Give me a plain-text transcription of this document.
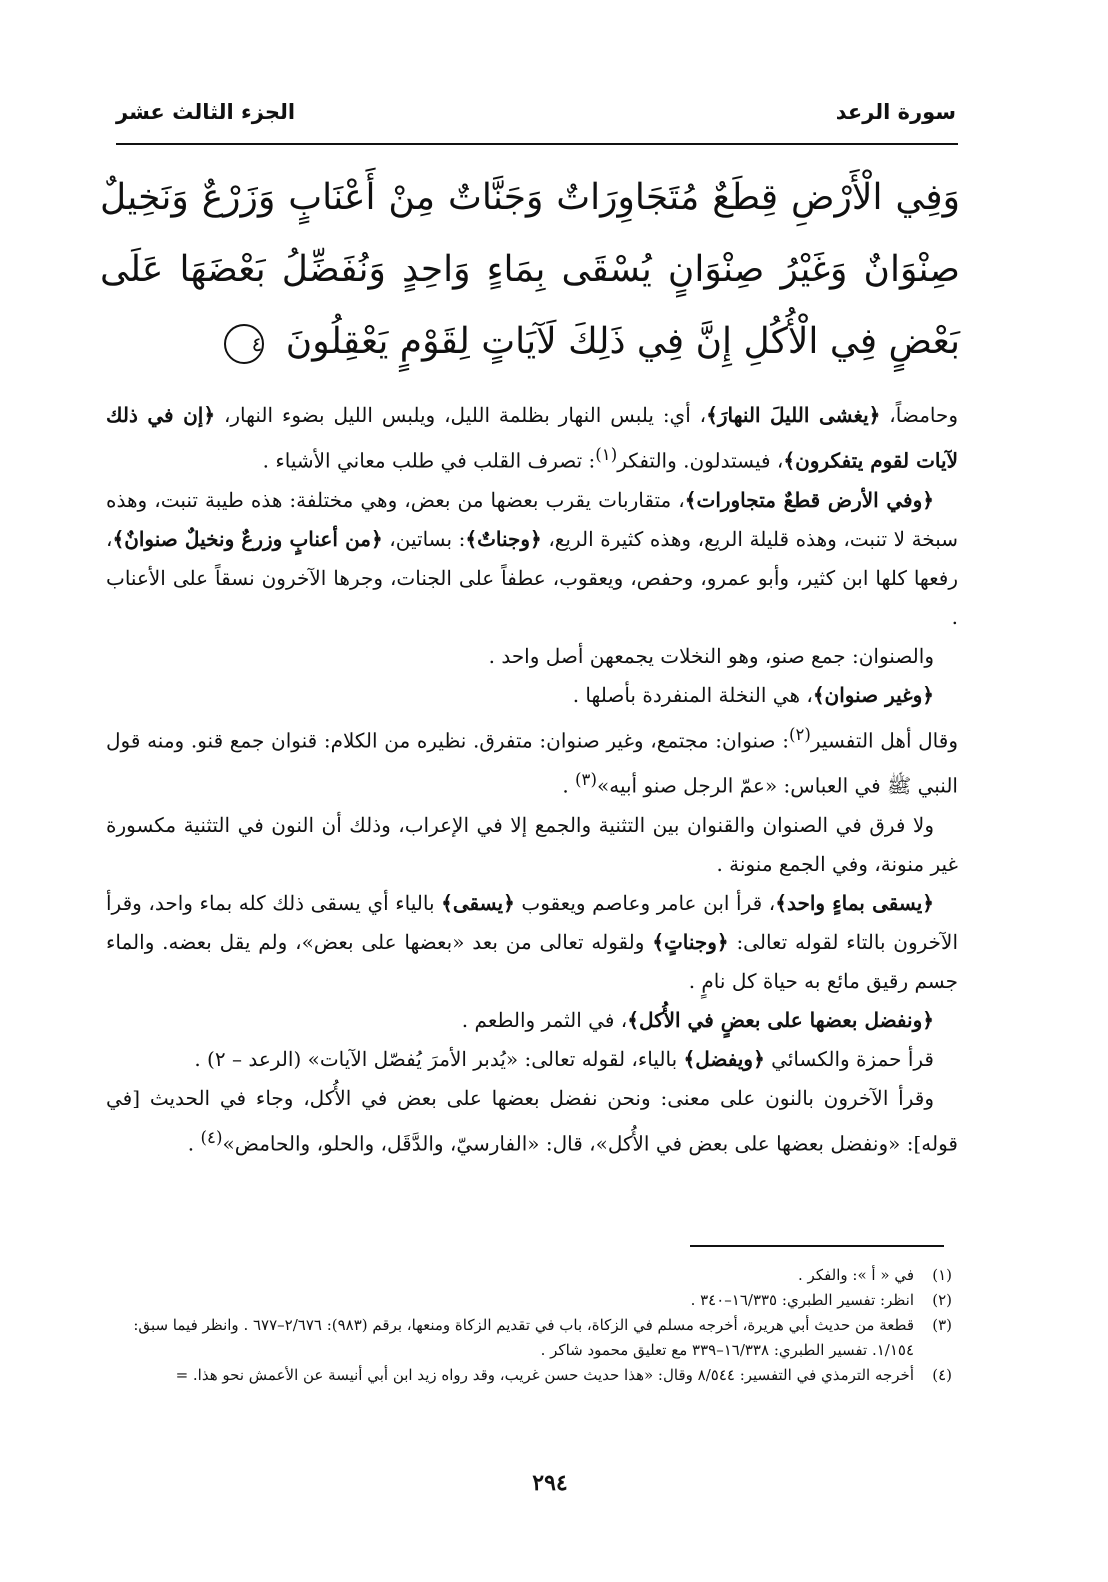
سورة الرعد
الجزء الثالث عشر
وَفِي الْأَرْضِ قِطَعٌ مُتَجَاوِرَاتٌ وَجَنَّاتٌ مِنْ أَعْنَابٍ وَزَرْعٌ وَنَخِيلٌ صِنْوَانٌ وَغَيْرُ صِنْوَانٍ يُسْقَى بِمَاءٍ وَاحِدٍ وَنُفَضِّلُ بَعْضَهَا عَلَى بَعْضٍ فِي الْأُكُلِ إِنَّ فِي ذَلِكَ لَآيَاتٍ لِقَوْمٍ يَعْقِلُونَ ٤

وحامضاً، ﴿يغشى الليلَ النهارَ﴾، أي: يلبس النهار بظلمة الليل، ويلبس الليل بضوء النهار، ﴿إن في ذلك لآيات لقوم يتفكرون﴾، فيستدلون. والتفكر$^{(١)}$: تصرف القلب في طلب معاني الأشياء .

﴿وفي الأرض قطعٌ متجاورات﴾، متقاربات يقرب بعضها من بعض، وهي مختلفة: هذه طيبة تنبت، وهذه سبخة لا تنبت، وهذه قليلة الريع، وهذه كثيرة الريع، ﴿وجناتٌ﴾: بساتين، ﴿من أعنابٍ وزرعٌ ونخيلٌ صنوانٌ﴾، رفعها كلها ابن كثير، وأبو عمرو، وحفص، ويعقوب، عطفاً على الجنات، وجرها الآخرون نسقاً على الأعناب .

والصنوان: جمع صنو، وهو النخلات يجمعهن أصل واحد .

﴿وغير صنوان﴾، هي النخلة المنفردة بأصلها .

وقال أهل التفسير$^{(٢)}$: صنوان: مجتمع، وغير صنوان: متفرق. نظيره من الكلام: قنوان جمع قنو. ومنه قول النبي ﷺ في العباس: «عمّ الرجل صنو أبيه»$^{(٣)}$ .

ولا فرق في الصنوان والقنوان بين التثنية والجمع إلا في الإعراب، وذلك أن النون في التثنية مكسورة غير منونة، وفي الجمع منونة .

﴿يسقى بماءٍ واحد﴾، قرأ ابن عامر وعاصم ويعقوب ﴿يسقى﴾ بالياء أي يسقى ذلك كله بماء واحد، وقرأ الآخرون بالتاء لقوله تعالى: ﴿وجناتٍ﴾ ولقوله تعالى من بعد «بعضها على بعض»، ولم يقل بعضه. والماء جسم رقيق مائع به حياة كل نامٍ .

﴿ونفضل بعضها على بعضٍ في الأُكل﴾، في الثمر والطعم .

قرأ حمزة والكسائي ﴿ويفضل﴾ بالياء، لقوله تعالى: «يُدبر الأمرَ يُفصّل الآيات» (الرعد – ٢) .

وقرأ الآخرون بالنون على معنى: ونحن نفضل بعضها على بعض في الأُكل، وجاء في الحديث [في قوله]: «ونفضل بعضها على بعض في الأُكل»، قال: «الفارسيّ، والدَّقَل، والحلو، والحامض»$^{(٤)}$ .

(١)
في « أ »: والفكر .
(٢)
انظر: تفسير الطبري: ١٦/٣٣٥–٣٤٠ .
(٣)
قطعة من حديث أبي هريرة، أخرجه مسلم في الزكاة، باب في تقديم الزكاة ومنعها، برقم (٩٨٣): ٢/٦٧٦–٦٧٧ . وانظر فيما سبق: ١/١٥٤. تفسير الطبري: ١٦/٣٣٨–٣٣٩ مع تعليق محمود شاكر .
(٤)
أخرجه الترمذي في التفسير: ٨/٥٤٤ وقال: «هذا حديث حسن غريب، وقد رواه زيد ابن أبي أنيسة عن الأعمش نحو هذا. =
٢٩٤
